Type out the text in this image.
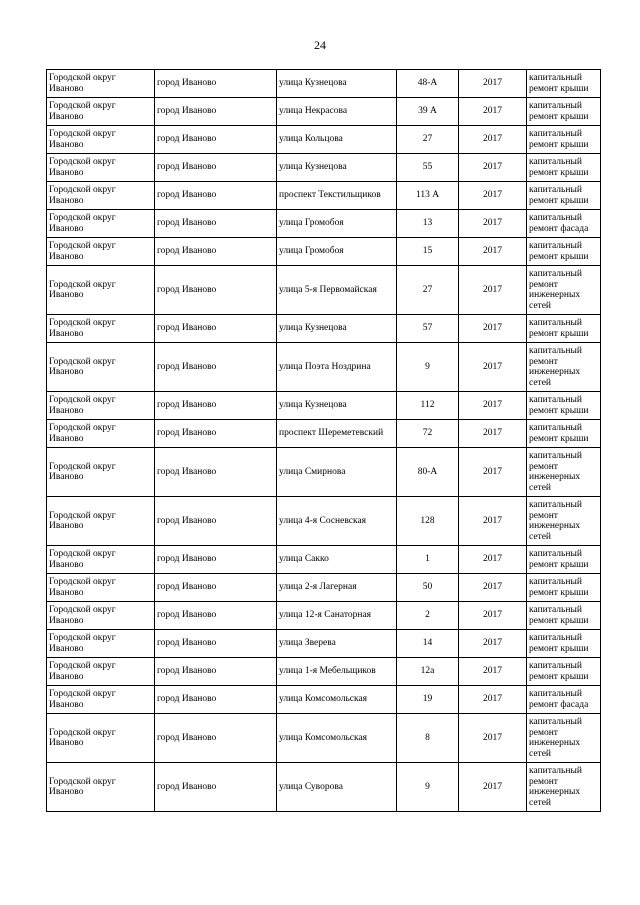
24
Городской округ Иваново	город Иваново	улица Кузнецова	48-А	2017	капитальный ремонт крыши
Городской округ Иваново	город Иваново	улица Некрасова	39 А	2017	капитальный ремонт крыши
Городской округ Иваново	город Иваново	улица Кольцова	27	2017	капитальный ремонт крыши
Городской округ Иваново	город Иваново	улица Кузнецова	55	2017	капитальный ремонт крыши
Городской округ Иваново	город Иваново	проспект Текстильщиков	113 А	2017	капитальный ремонт крыши
Городской округ Иваново	город Иваново	улица Громобоя	13	2017	капитальный ремонт фасада
Городской округ Иваново	город Иваново	улица Громобоя	15	2017	капитальный ремонт крыши
Городской округ Иваново	город Иваново	улица 5-я Первомайская	27	2017	капитальный ремонт инженерных сетей
Городской округ Иваново	город Иваново	улица Кузнецова	57	2017	капитальный ремонт крыши
Городской округ Иваново	город Иваново	улица Поэта Ноздрина	9	2017	капитальный ремонт инженерных сетей
Городской округ Иваново	город Иваново	улица Кузнецова	112	2017	капитальный ремонт крыши
Городской округ Иваново	город Иваново	проспект Шереметевский	72	2017	капитальный ремонт крыши
Городской округ Иваново	город Иваново	улица Смирнова	80-А	2017	капитальный ремонт инженерных сетей
Городской округ Иваново	город Иваново	улица 4-я Сосневская	128	2017	капитальный ремонт инженерных сетей
Городской округ Иваново	город Иваново	улица Сакко	1	2017	капитальный ремонт крыши
Городской округ Иваново	город Иваново	улица 2-я Лагерная	50	2017	капитальный ремонт крыши
Городской округ Иваново	город Иваново	улица 12-я Санаторная	2	2017	капитальный ремонт крыши
Городской округ Иваново	город Иваново	улица Зверева	14	2017	капитальный ремонт крыши
Городской округ Иваново	город Иваново	улица 1-я Мебельщиков	12а	2017	капитальный ремонт крыши
Городской округ Иваново	город Иваново	улица Комсомольская	19	2017	капитальный ремонт фасада
Городской округ Иваново	город Иваново	улица Комсомольская	8	2017	капитальный ремонт инженерных сетей
Городской округ Иваново	город Иваново	улица Суворова	9	2017	капитальный ремонт инженерных сетей
